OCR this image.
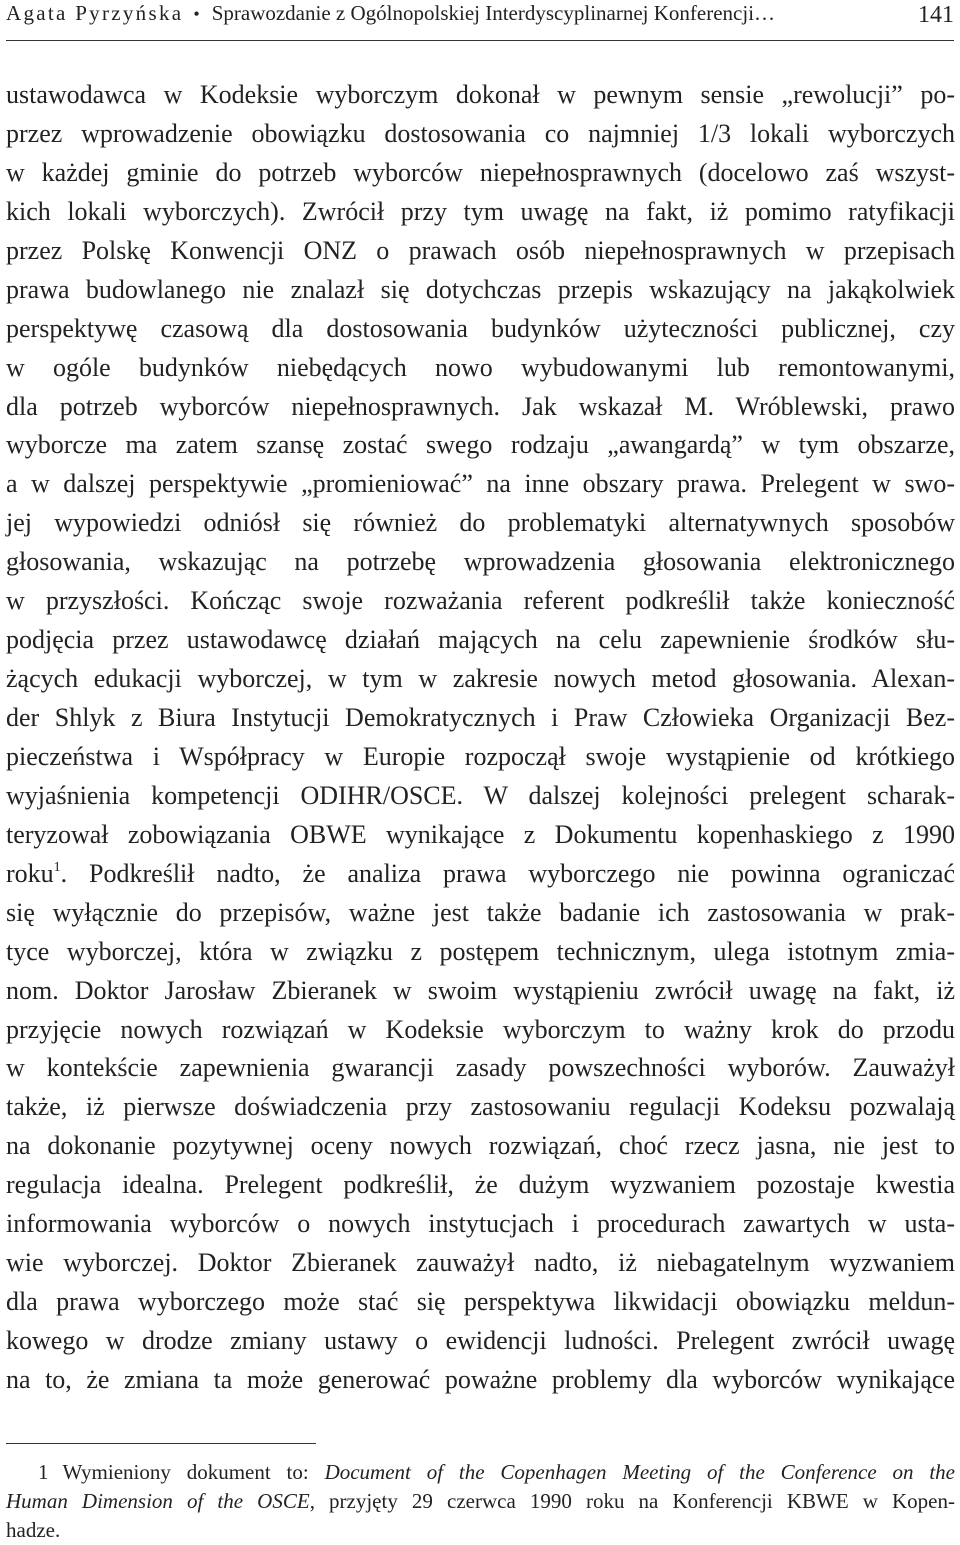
Agata Pyrzyńska • Sprawozdanie z Ogólnopolskiej Interdyscyplinarnej Konferencji…	141
ustawodawca w Kodeksie wyborczym dokonał w pewnym sensie „rewolucji” po-
przez wprowadzenie obowiązku dostosowania co najmniej 1/3 lokali wyborczych
w każdej gminie do potrzeb wyborców niepełnosprawnych (docelowo zaś wszyst-
kich lokali wyborczych). Zwrócił przy tym uwagę na fakt, iż pomimo ratyfikacji
przez Polskę Konwencji ONZ o prawach osób niepełnosprawnych w przepisach
prawa budowlanego nie znalazł się dotychczas przepis wskazujący na jakąkolwiek
perspektywę czasową dla dostosowania budynków użyteczności publicznej, czy
w ogóle budynków niebędących nowo wybudowanymi lub remontowanymi,
dla potrzeb wyborców niepełnosprawnych. Jak wskazał M. Wróblewski, prawo
wyborcze ma zatem szansę zostać swego rodzaju „awangardą” w tym obszarze,
a w dalszej perspektywie „promieniować” na inne obszary prawa. Prelegent w swo-
jej wypowiedzi odniósł się również do problematyki alternatywnych sposobów
głosowania, wskazując na potrzebę wprowadzenia głosowania elektronicznego
w przyszłości. Kończąc swoje rozważania referent podkreślił także konieczność
podjęcia przez ustawodawcę działań mających na celu zapewnienie środków słu-
żących edukacji wyborczej, w tym w zakresie nowych metod głosowania. Alexan-
der Shlyk z Biura Instytucji Demokratycznych i Praw Człowieka Organizacji Bez-
pieczeństwa i Współpracy w Europie rozpoczął swoje wystąpienie od krótkiego
wyjaśnienia kompetencji ODIHR/OSCE. W dalszej kolejności prelegent scharak-
teryzował zobowiązania OBWE wynikające z Dokumentu kopenhaskiego z 1990
roku$^1$. Podkreślił nadto, że analiza prawa wyborczego nie powinna ograniczać
się wyłącznie do przepisów, ważne jest także badanie ich zastosowania w prak-
tyce wyborczej, która w związku z postępem technicznym, ulega istotnym zmia-
nom. Doktor Jarosław Zbieranek w swoim wystąpieniu zwrócił uwagę na fakt, iż
przyjęcie nowych rozwiązań w Kodeksie wyborczym to ważny krok do przodu
w kontekście zapewnienia gwarancji zasady powszechności wyborów. Zauważył
także, iż pierwsze doświadczenia przy zastosowaniu regulacji Kodeksu pozwalają
na dokonanie pozytywnej oceny nowych rozwiązań, choć rzecz jasna, nie jest to
regulacja idealna. Prelegent podkreślił, że dużym wyzwaniem pozostaje kwestia
informowania wyborców o nowych instytucjach i procedurach zawartych w usta-
wie wyborczej. Doktor Zbieranek zauważył nadto, iż niebagatelnym wyzwaniem
dla prawa wyborczego może stać się perspektywa likwidacji obowiązku meldun-
kowego w drodze zmiany ustawy o ewidencji ludności. Prelegent zwrócił uwagę
na to, że zmiana ta może generować poważne problemy dla wyborców wynikające
1 Wymieniony dokument to: Document of the Copenhagen Meeting of the Conference on the
Human Dimension of the OSCE, przyjęty 29 czerwca 1990 roku na Konferencji KBWE w Kopen-
hadze.
